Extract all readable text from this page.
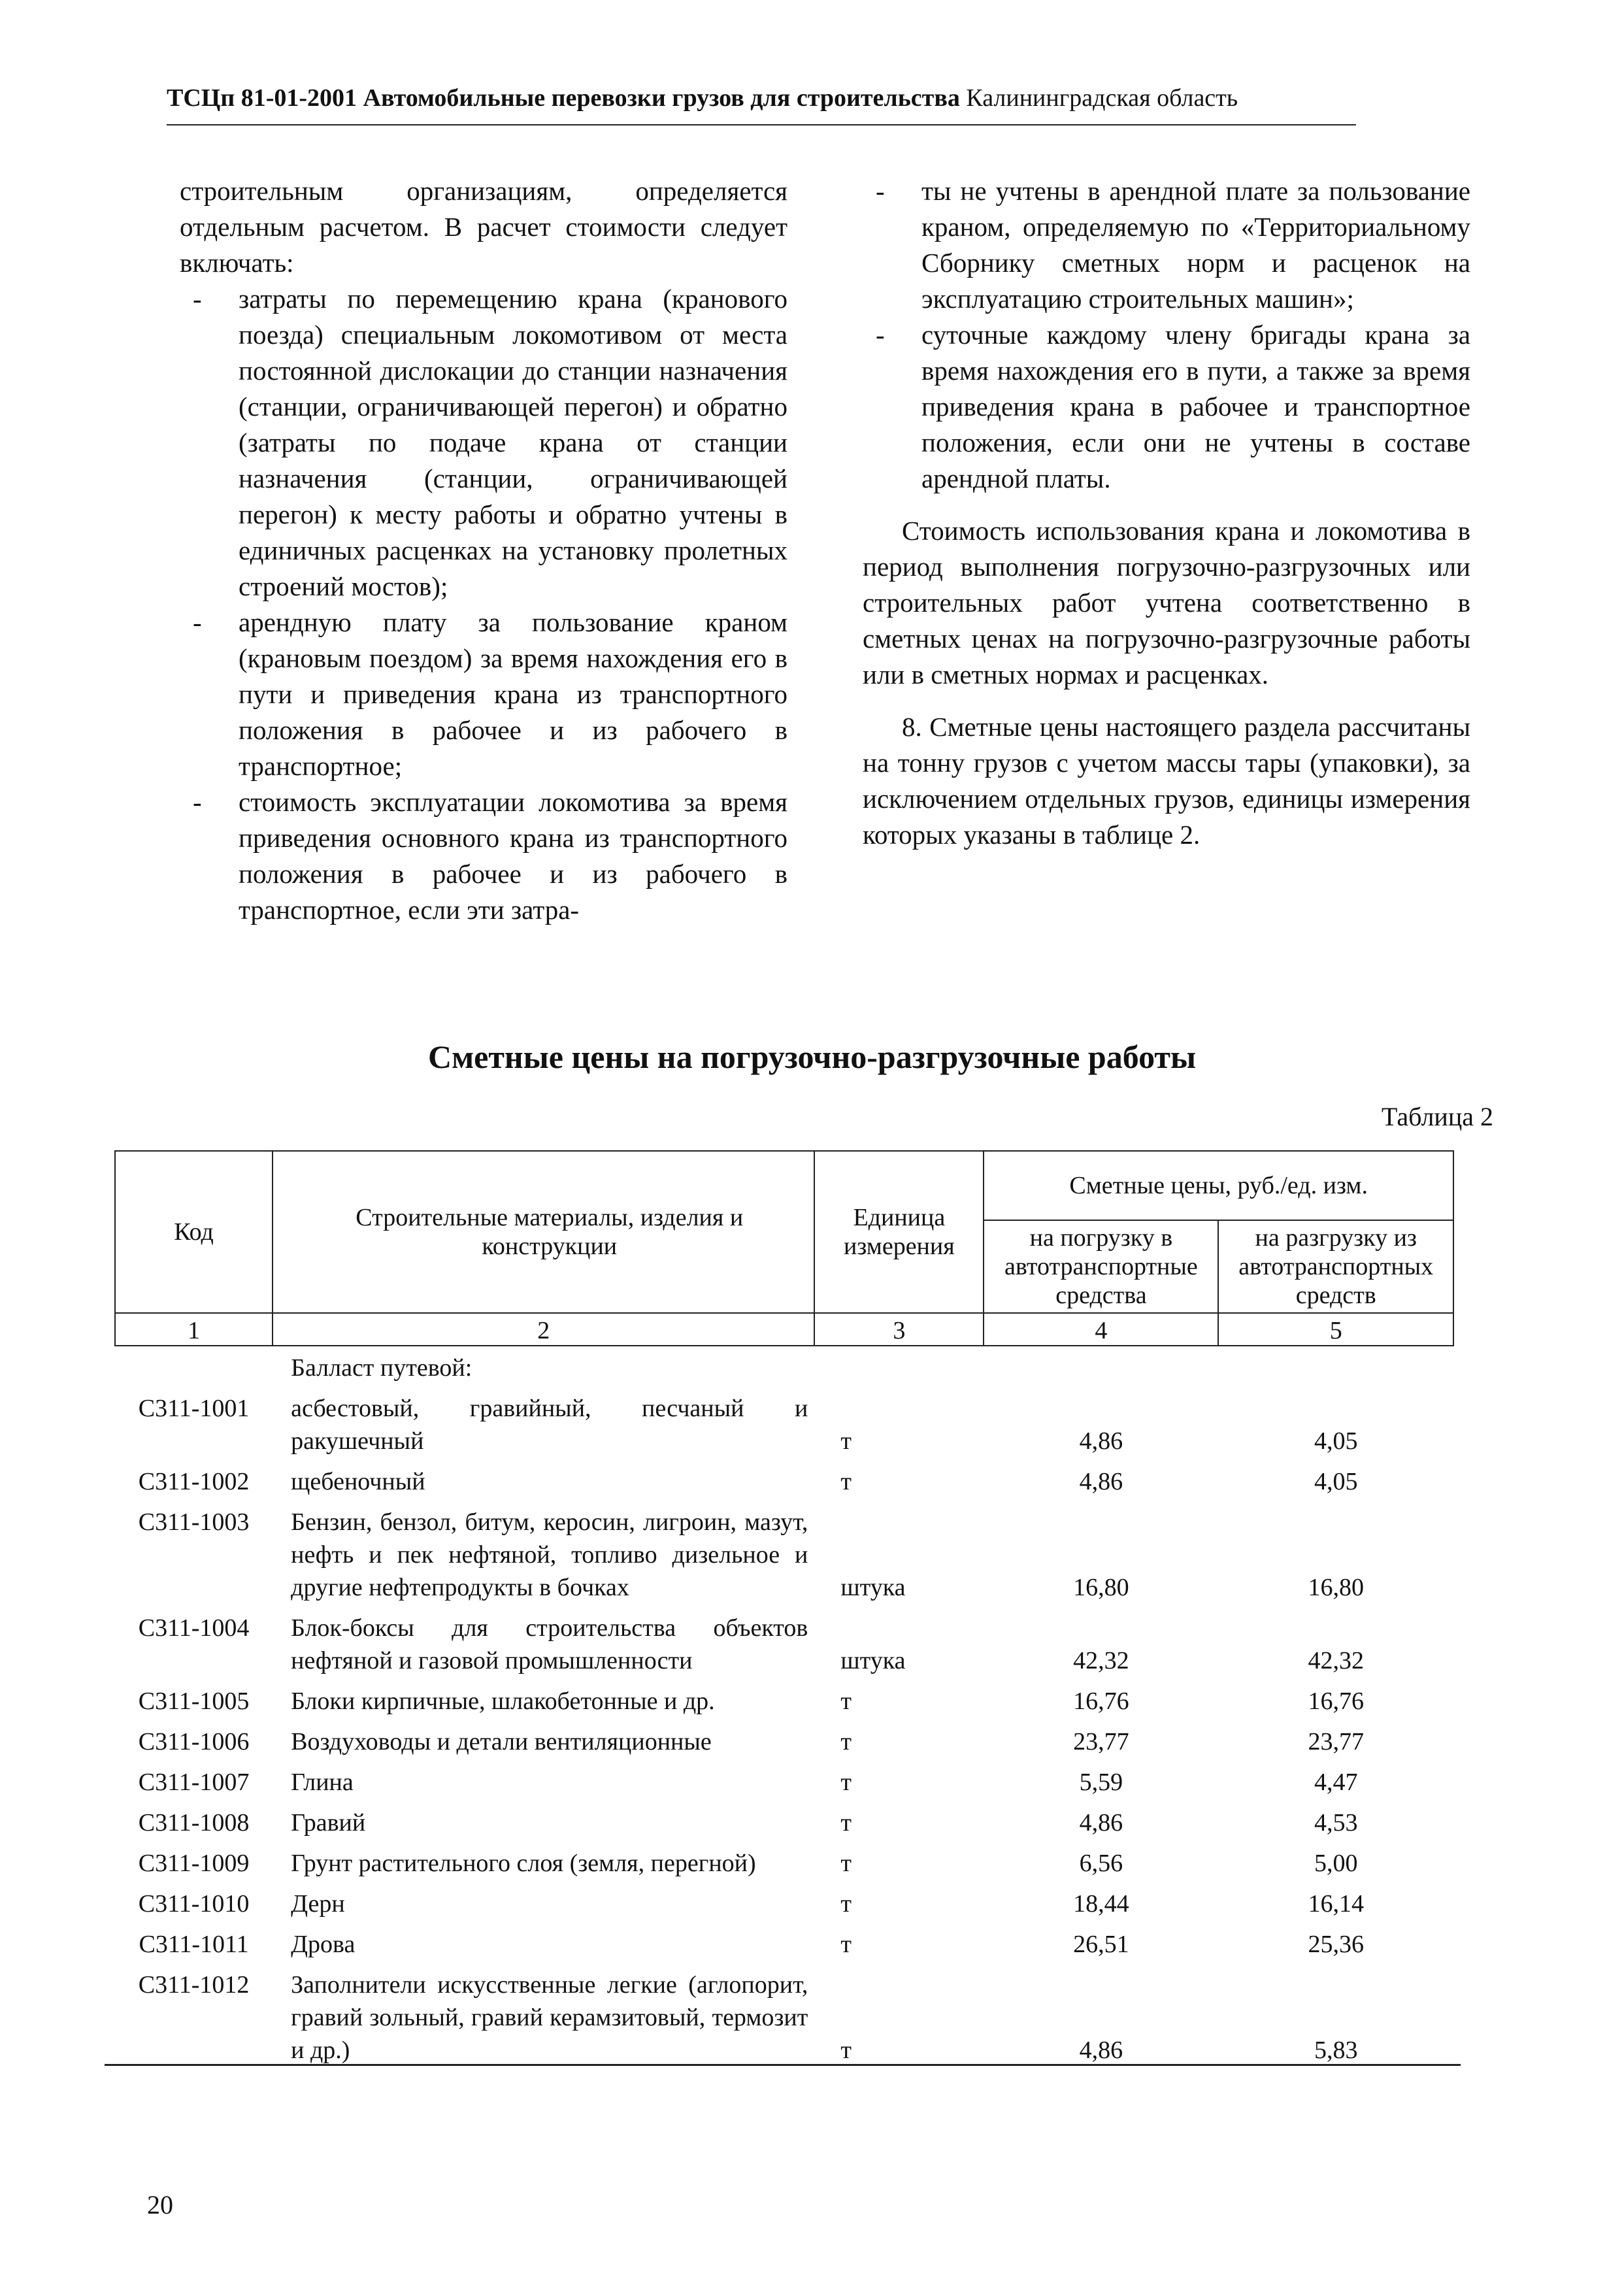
ТСЦп 81-01-2001 Автомобильные перевозки грузов для строительства Калининградская область

строительным организациям, определяется отдельным расчетом. В расчет стоимости следует включать:

- затраты по перемещению крана (кранового поезда) специальным локомотивом от места постоянной дислокации до станции назначения (станции, ограничивающей перегон) и обратно (затраты по подаче крана от станции назначения (станции, ограничивающей перегон) к месту работы и обратно учтены в единичных расценках на установку пролетных строений мостов);
- арендную плату за пользование краном (крановым поездом) за время нахождения его в пути и приведения крана из транспортного положения в рабочее и из рабочего в транспортное;
- стоимость эксплуатации локомотива за время приведения основного крана из транспортного положения в рабочее и из рабочего в транспортное, если эти затра-
- ты не учтены в арендной плате за пользование краном, определяемую по «Территориальному Сборнику сметных норм и расценок на эксплуатацию строительных машин»;
- суточные каждому члену бригады крана за время нахождения его в пути, а также за время приведения крана в рабочее и транспортное положения, если они не учтены в составе арендной платы.

Стоимость использования крана и локомотива в период выполнения погрузочно-разгрузочных или строительных работ учтена соответственно в сметных ценах на погрузочно-разгрузочные работы или в сметных нормах и расценках.

8. Сметные цены настоящего раздела рассчитаны на тонну грузов с учетом массы тары (упаковки), за исключением отдельных грузов, единицы измерения которых указаны в таблице 2.

Сметные цены на погрузочно-разгрузочные работы
Таблица 2
Код	Строительные материалы, изделия и конструкции	Единица измерения	Сметные цены, руб./ед. изм.	
			на погрузку в автотранспортные средства	на разгрузку из автотранспортных средств
1	2	3	4	5
	Балласт путевой:			
С311-1001	асбестовый, гравийный, песчаный и ракушечный	т	4,86	4,05
С311-1002	щебеночный	т	4,86	4,05
С311-1003	Бензин, бензол, битум, керосин, лигроин, мазут, нефть и пек нефтяной, топливо дизельное и другие нефтепродукты в бочках	штука	16,80	16,80
С311-1004	Блок-боксы для строительства объектов нефтяной и газовой промышленности	штука	42,32	42,32
С311-1005	Блоки кирпичные, шлакобетонные и др.	т	16,76	16,76
С311-1006	Воздуховоды и детали вентиляционные	т	23,77	23,77
С311-1007	Глина	т	5,59	4,47
С311-1008	Гравий	т	4,86	4,53
С311-1009	Грунт растительного слоя (земля, перегной)	т	6,56	5,00
С311-1010	Дерн	т	18,44	16,14
С311-1011	Дрова	т	26,51	25,36
С311-1012	Заполнители искусственные легкие (аглопорит, гравий зольный, гравий керамзитовый, термозит и др.)	т	4,86	5,83
20
